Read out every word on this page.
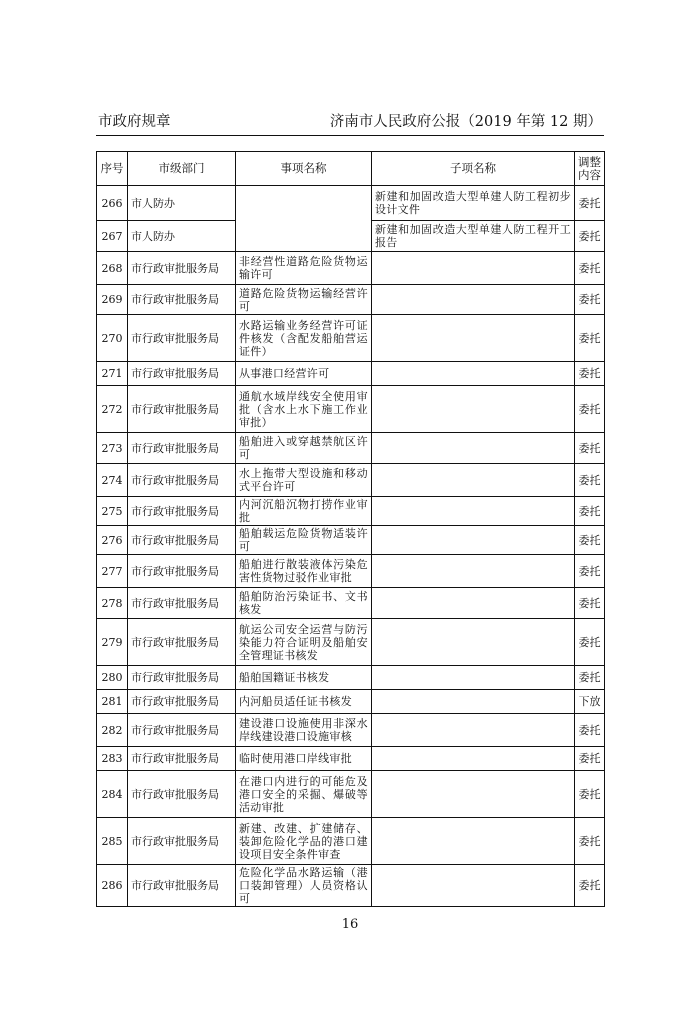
市政府规章	济南市人民政府公报（2019 年第 12 期）
序号	市级部门	事项名称	子项名称	调整内容
266	市人防办		新建和加固改造大型单建人防工程初步设计文件	委托
267	市人防办		新建和加固改造大型单建人防工程开工报告	委托
268	市行政审批服务局	非经营性道路危险货物运输许可		委托
269	市行政审批服务局	道路危险货物运输经营许可		委托
270	市行政审批服务局	水路运输业务经营许可证件核发（含配发船舶营运证件）		委托
271	市行政审批服务局	从事港口经营许可		委托
272	市行政审批服务局	通航水域岸线安全使用审批（含水上水下施工作业审批）		委托
273	市行政审批服务局	船舶进入或穿越禁航区许可		委托
274	市行政审批服务局	水上拖带大型设施和移动式平台许可		委托
275	市行政审批服务局	内河沉船沉物打捞作业审批		委托
276	市行政审批服务局	船舶载运危险货物适装许可		委托
277	市行政审批服务局	船舶进行散装液体污染危害性货物过驳作业审批		委托
278	市行政审批服务局	船舶防治污染证书、文书核发		委托
279	市行政审批服务局	航运公司安全运营与防污染能力符合证明及船舶安全管理证书核发		委托
280	市行政审批服务局	船舶国籍证书核发		委托
281	市行政审批服务局	内河船员适任证书核发		下放
282	市行政审批服务局	建设港口设施使用非深水岸线建设港口设施审核		委托
283	市行政审批服务局	临时使用港口岸线审批		委托
284	市行政审批服务局	在港口内进行的可能危及港口安全的采掘、爆破等活动审批		委托
285	市行政审批服务局	新建、改建、扩建储存、装卸危险化学品的港口建设项目安全条件审查		委托
286	市行政审批服务局	危险化学品水路运输（港口装卸管理）人员资格认可		委托
16
